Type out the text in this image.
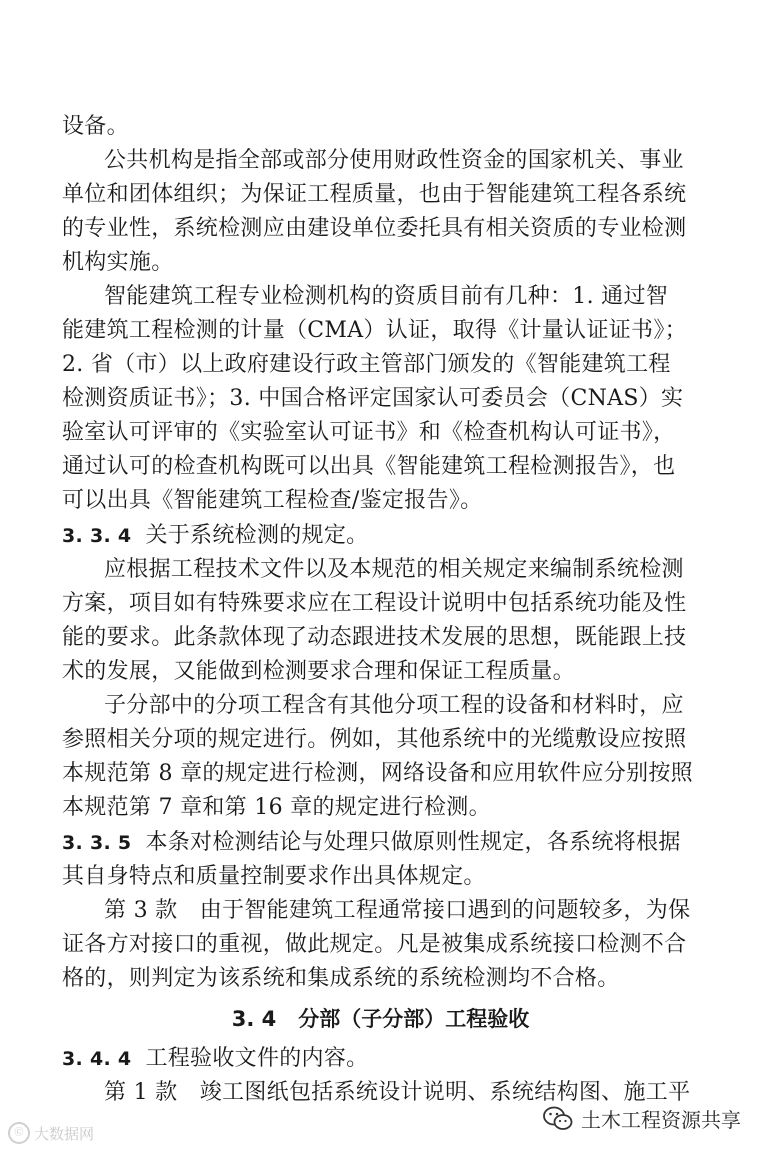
设备。
公共机构是指全部或部分使用财政性资金的国家机关、事业
单位和团体组织；为保证工程质量，也由于智能建筑工程各系统
的专业性，系统检测应由建设单位委托具有相关资质的专业检测
机构实施。
智能建筑工程专业检测机构的资质目前有几种：1. 通过智
能建筑工程检测的计量（CMA）认证，取得《计量认证证书》；
2. 省（市）以上政府建设行政主管部门颁发的《智能建筑工程
检测资质证书》；3. 中国合格评定国家认可委员会（CNAS）实
验室认可评审的《实验室认可证书》和《检查机构认可证书》，
通过认可的检查机构既可以出具《智能建筑工程检测报告》，也
可以出具《智能建筑工程检查/鉴定报告》。
3. 3. 4 关于系统检测的规定。
应根据工程技术文件以及本规范的相关规定来编制系统检测
方案，项目如有特殊要求应在工程设计说明中包括系统功能及性
能的要求。此条款体现了动态跟进技术发展的思想，既能跟上技
术的发展，又能做到检测要求合理和保证工程质量。
子分部中的分项工程含有其他分项工程的设备和材料时，应
参照相关分项的规定进行。例如，其他系统中的光缆敷设应按照
本规范第 8 章的规定进行检测，网络设备和应用软件应分别按照
本规范第 7 章和第 16 章的规定进行检测。
3. 3. 5 本条对检测结论与处理只做原则性规定，各系统将根据
其自身特点和质量控制要求作出具体规定。
第 3 款　由于智能建筑工程通常接口遇到的问题较多，为保
证各方对接口的重视，做此规定。凡是被集成系统接口检测不合
格的，则判定为该系统和集成系统的系统检测均不合格。
3. 4 分部（子分部）工程验收
3. 4. 4 工程验收文件的内容。
第 1 款　竣工图纸包括系统设计说明、系统结构图、施工平
Ⓒ 大数据网
土木工程资源共享
